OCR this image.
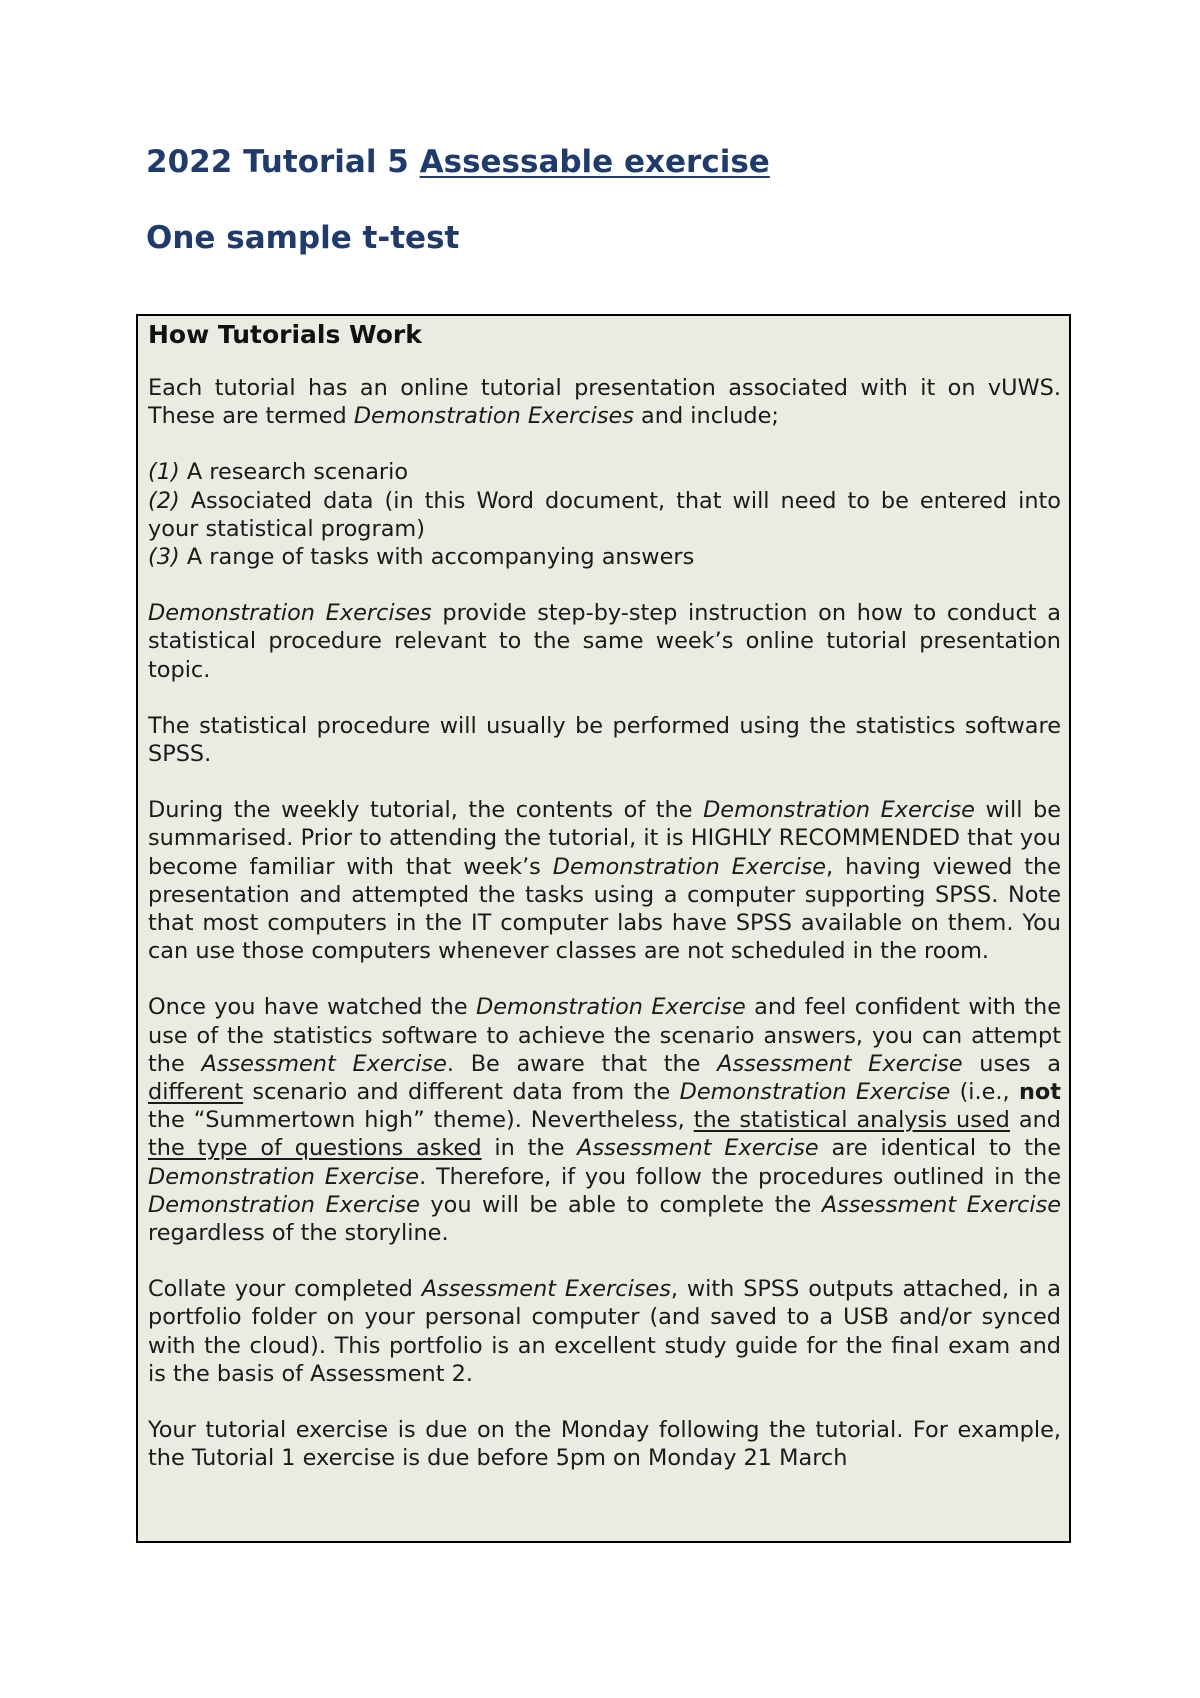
2022 Tutorial 5 Assessable exercise
One sample t-test
How Tutorials Work
Each tutorial has an online tutorial presentation associated with it on vUWS. These are termed Demonstration Exercises and include;
(1) A research scenario
(2) Associated data (in this Word document, that will need to be entered into your statistical program)
(3) A range of tasks with accompanying answers
Demonstration Exercises provide step-by-step instruction on how to conduct a statistical procedure relevant to the same week’s online tutorial presentation topic.
The statistical procedure will usually be performed using the statistics software SPSS.
During the weekly tutorial, the contents of the Demonstration Exercise will be summarised. Prior to attending the tutorial, it is HIGHLY RECOMMENDED that you become familiar with that week’s Demonstration Exercise, having viewed the presentation and attempted the tasks using a computer supporting SPSS. Note that most computers in the IT computer labs have SPSS available on them. You can use those computers whenever classes are not scheduled in the room.
Once you have watched the Demonstration Exercise and feel confident with the use of the statistics software to achieve the scenario answers, you can attempt the Assessment Exercise. Be aware that the Assessment Exercise uses a different scenario and different data from the Demonstration Exercise (i.e., not the “Summertown high” theme). Nevertheless, the statistical analysis used and the type of questions asked in the Assessment Exercise are identical to the Demonstration Exercise. Therefore, if you follow the procedures outlined in the Demonstration Exercise you will be able to complete the Assessment Exercise regardless of the storyline.
Collate your completed Assessment Exercises, with SPSS outputs attached, in a portfolio folder on your personal computer (and saved to a USB and/or synced with the cloud). This portfolio is an excellent study guide for the final exam and is the basis of Assessment 2.
Your tutorial exercise is due on the Monday following the tutorial. For example, the Tutorial 1 exercise is due before 5pm on Monday 21 March
